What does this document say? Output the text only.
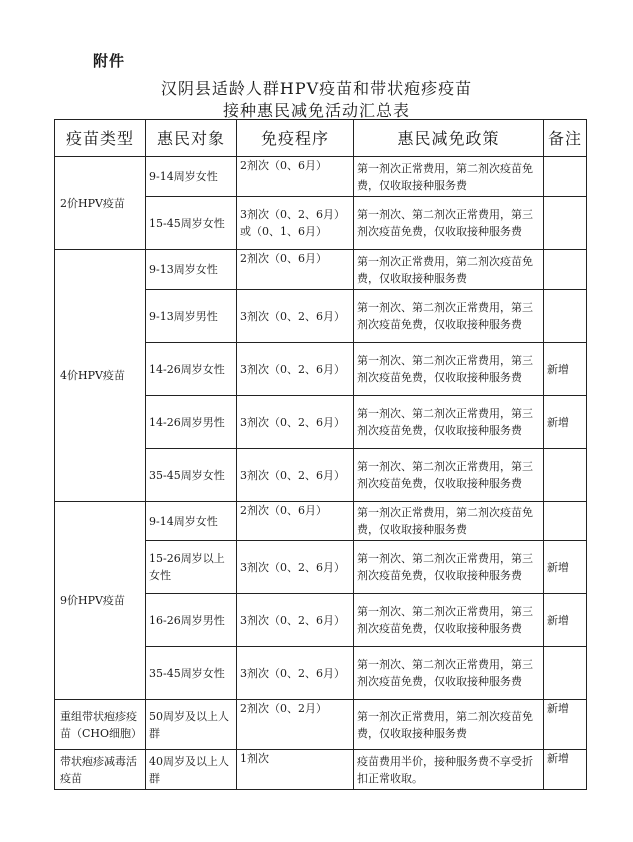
附件
汉阴县适龄人群HPV疫苗和带状疱疹疫苗
接种惠民减免活动汇总表
疫苗类型	惠民对象	免疫程序	惠民减免政策	备注
2价HPV疫苗	9-14周岁女性	2剂次（0、6月）	第一剂次正常费用，第二剂次疫苗免费，仅收取接种服务费	
	15-45周岁女性	3剂次（0、2、6月）或（0、1、6月）	第一剂次、第二剂次正常费用，第三剂次疫苗免费，仅收取接种服务费	
4价HPV疫苗	9-13周岁女性	2剂次（0、6月）	第一剂次正常费用，第二剂次疫苗免费，仅收取接种服务费	
	9-13周岁男性	3剂次（0、2、6月）	第一剂次、第二剂次正常费用，第三剂次疫苗免费，仅收取接种服务费	
	14-26周岁女性	3剂次（0、2、6月）	第一剂次、第二剂次正常费用，第三剂次疫苗免费，仅收取接种服务费	新增
	14-26周岁男性	3剂次（0、2、6月）	第一剂次、第二剂次正常费用，第三剂次疫苗免费，仅收取接种服务费	新增
	35-45周岁女性	3剂次（0、2、6月）	第一剂次、第二剂次正常费用，第三剂次疫苗免费，仅收取接种服务费	
9价HPV疫苗	9-14周岁女性	2剂次（0、6月）	第一剂次正常费用，第二剂次疫苗免费，仅收取接种服务费	
	15-26周岁以上女性	3剂次（0、2、6月）	第一剂次、第二剂次正常费用，第三剂次疫苗免费，仅收取接种服务费	新增
	16-26周岁男性	3剂次（0、2、6月）	第一剂次、第二剂次正常费用，第三剂次疫苗免费，仅收取接种服务费	新增
	35-45周岁女性	3剂次（0、2、6月）	第一剂次、第二剂次正常费用，第三剂次疫苗免费，仅收取接种服务费	
重组带状疱疹疫苗（CHO细胞）	50周岁及以上人群	2剂次（0、2月）	第一剂次正常费用，第二剂次疫苗免费，仅收取接种服务费	新增
带状疱疹减毒活疫苗	40周岁及以上人群	1剂次	疫苗费用半价，接种服务费不享受折扣正常收取。	新增
